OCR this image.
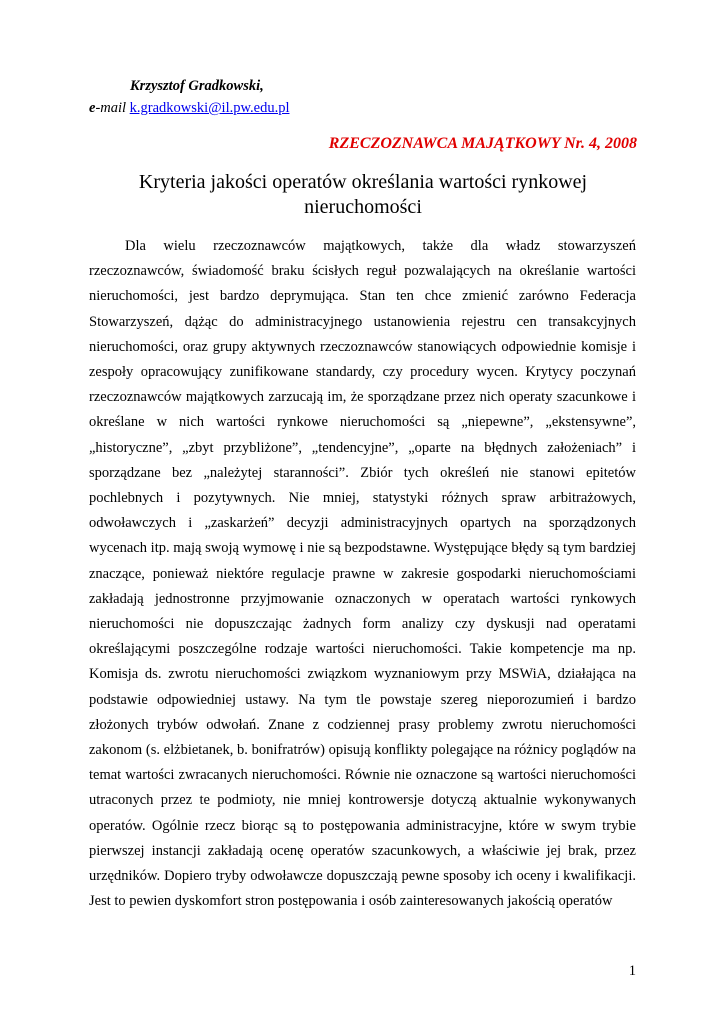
Krzysztof Gradkowski,
e-mail k.gradkowski@il.pw.edu.pl
RZECZOZNAWCA MAJĄTKOWY Nr. 4, 2008
Kryteria jakości operatów określania wartości rynkowej nieruchomości

Dla wielu rzeczoznawców majątkowych, także dla władz stowarzyszeń rzeczoznawców, świadomość braku ścisłych reguł pozwalających na określanie wartości nieruchomości, jest bardzo deprymująca. Stan ten chce zmienić zarówno Federacja Stowarzyszeń, dążąc do administracyjnego ustanowienia rejestru cen transakcyjnych nieruchomości, oraz grupy aktywnych rzeczoznawców stanowiących odpowiednie komisje i zespoły opracowujący zunifikowane standardy, czy procedury wycen. Krytycy poczynań rzeczoznawców majątkowych zarzucają im, że sporządzane przez nich operaty szacunkowe i określane w nich wartości rynkowe nieruchomości są „niepewne”, „ekstensywne”, „historyczne”, „zbyt przybliżone”, „tendencyjne”, „oparte na błędnych założeniach” i sporządzane bez „należytej staranności”. Zbiór tych określeń nie stanowi epitetów pochlebnych i pozytywnych. Nie mniej, statystyki różnych spraw arbitrażowych, odwoławczych i „zaskarżeń” decyzji administracyjnych opartych na sporządzonych wycenach itp. mają swoją wymowę i nie są bezpodstawne. Występujące błędy są tym bardziej znaczące, ponieważ niektóre regulacje prawne w zakresie gospodarki nieruchomościami zakładają jednostronne przyjmowanie oznaczonych w operatach wartości rynkowych nieruchomości nie dopuszczając żadnych form analizy czy dyskusji nad operatami określającymi poszczególne rodzaje wartości nieruchomości. Takie kompetencje ma np. Komisja ds. zwrotu nieruchomości związkom wyznaniowym przy MSWiA, działająca na podstawie odpowiedniej ustawy. Na tym tle powstaje szereg nieporozumień i bardzo złożonych trybów odwołań. Znane z codziennej prasy problemy zwrotu nieruchomości zakonom (s. elżbietanek, b. bonifratrów) opisują konflikty polegające na różnicy poglądów na temat wartości zwracanych nieruchomości. Równie nie oznaczone są wartości nieruchomości utraconych przez te podmioty, nie mniej kontrowersje dotyczą aktualnie wykonywanych operatów. Ogólnie rzecz biorąc są to postępowania administracyjne, które w swym trybie pierwszej instancji zakładają ocenę operatów szacunkowych, a właściwie jej brak, przez urzędników. Dopiero tryby odwoławcze dopuszczają pewne sposoby ich oceny i kwalifikacji. Jest to pewien dyskomfort stron postępowania i osób zainteresowanych jakością operatów

1
